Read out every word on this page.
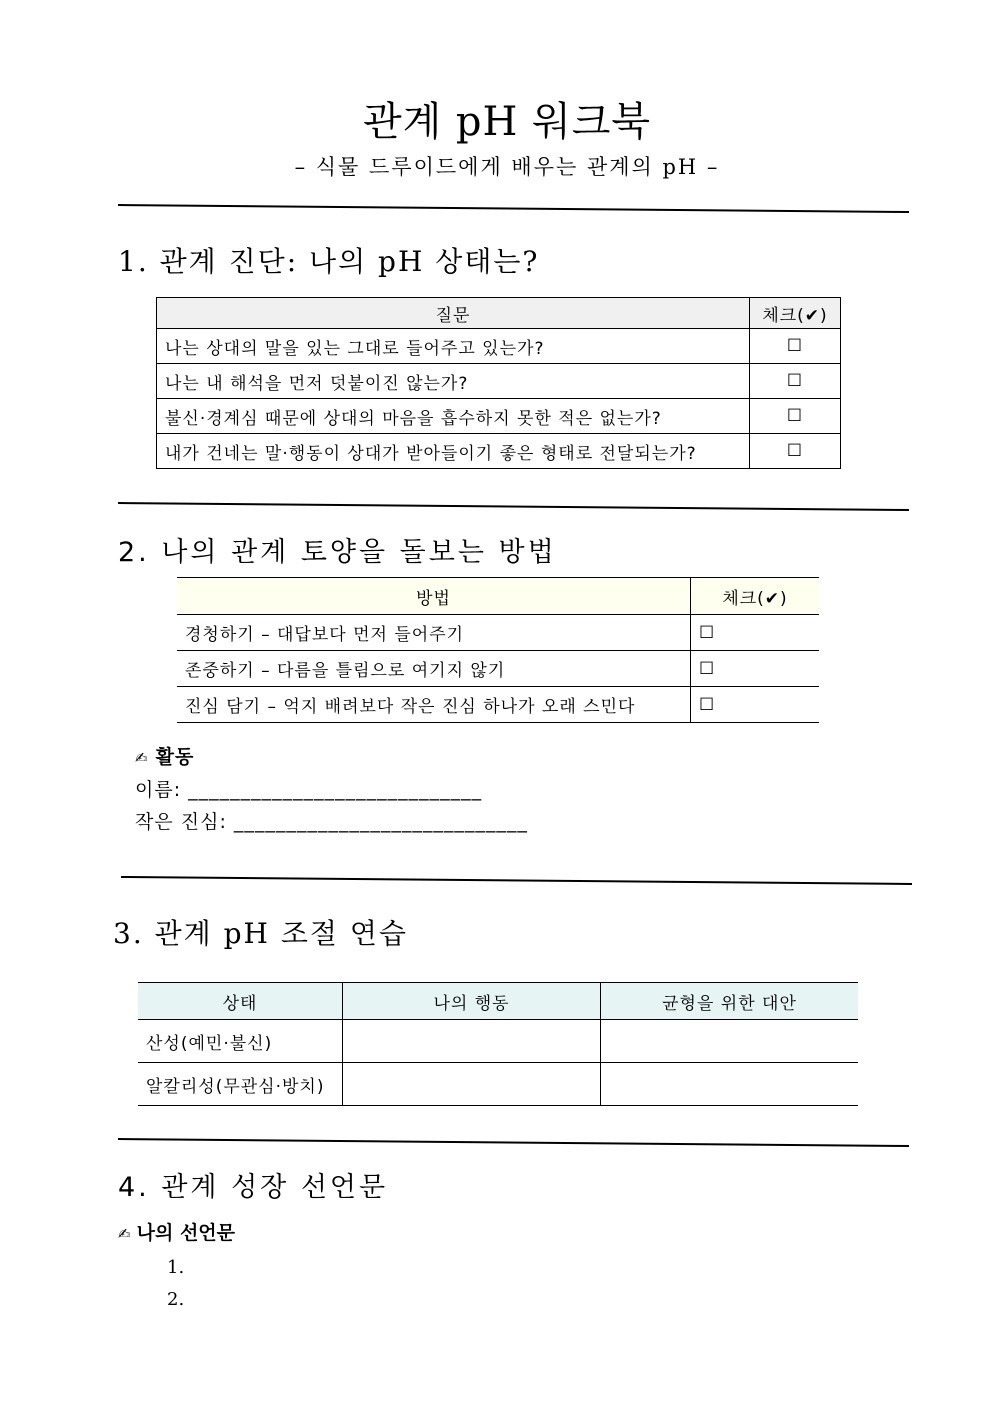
관계 pH 워크북
– 식물 드루이드에게 배우는 관계의 pH –
1. 관계 진단: 나의 pH 상태는?
질문	체크(✔)
나는 상대의 말을 있는 그대로 들어주고 있는가?	☐
나는 내 해석을 먼저 덧붙이진 않는가?	☐
불신·경계심 때문에 상대의 마음을 흡수하지 못한 적은 없는가?	☐
내가 건네는 말·행동이 상대가 받아들이기 좋은 형태로 전달되는가?	☐
2. 나의 관계 토양을 돌보는 방법
방법	체크(✔)
경청하기 – 대답보다 먼저 들어주기	☐
존중하기 – 다름을 틀림으로 여기지 않기	☐
진심 담기 – 억지 배려보다 작은 진심 하나가 오래 스민다	☐
✍ 활동
이름: ____________________________
작은 진심: ____________________________
3. 관계 pH 조절 연습
상태	나의 행동	균형을 위한 대안
산성(예민·불신)		
알칼리성(무관심·방치)		
4. 관계 성장 선언문
✍ 나의 선언문
1.
2.
